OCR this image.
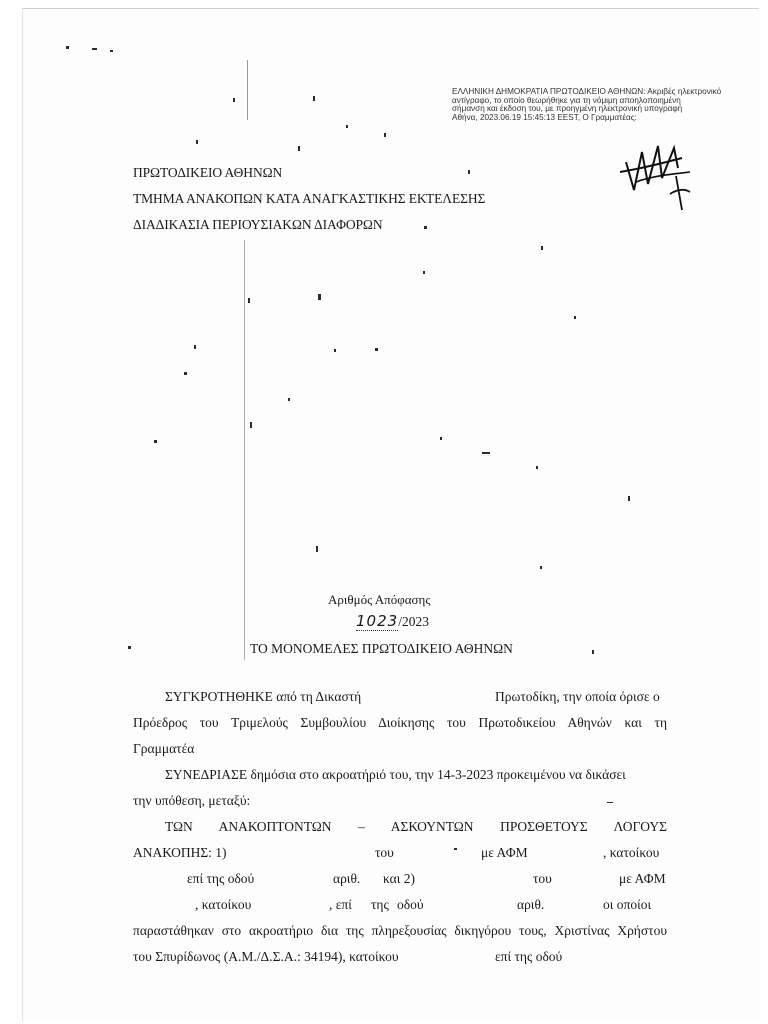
ΕΛΛΗΝΙΚΗ ΔΗΜΟΚΡΑΤΙΑ ΠΡΩΤΟΔΙΚΕΙΟ ΑΘΗΝΩΝ: Ακριβές ηλεκτρονικό
αντίγραφο, το οποίο θεωρήθηκε για τη νόμιμη αποηλοποιημένη
σήμανση και έκδοση του, με προηγμένη ηλεκτρονική υπογραφή
Αθήνα, 2023.06.19 15:45:13 EEST, Ο Γραμματέας:
ΠΡΩΤΟΔΙΚΕΙΟ ΑΘΗΝΩΝ
ΤΜΗΜΑ ΑΝΑΚΟΠΩΝ ΚΑΤΑ ΑΝΑΓΚΑΣΤΙΚΗΣ ΕΚΤΕΛΕΣΗΣ
ΔΙΑΔΙΚΑΣΙΑ ΠΕΡΙΟΥΣΙΑΚΩΝ ΔΙΑΦΟΡΩΝ
Αριθμός Απόφασης
1023/2023
ΤΟ ΜΟΝΟΜΕΛΕΣ ΠΡΩΤΟΔΙΚΕΙΟ ΑΘΗΝΩΝ
ΣΥΓΚΡΟΤΗΘΗΚΕ από τη Δικαστή	Πρωτοδίκη, την οποία όρισε ο
Πρόεδρος του Τριμελούς Συμβουλίου Διοίκησης του Πρωτοδικείου Αθηνών και τη
Γραμματέα
ΣΥΝΕΔΡΙΑΣΕ δημόσια στο ακροατήριό του, την 14-3-2023 προκειμένου να δικάσει
την υπόθεση, μεταξύ:
ΤΩΝ ΑΝΑΚΟΠΤΟΝΤΩΝ – ΑΣΚΟΥΝΤΩΝ ΠΡΟΣΘΕΤΟΥΣ ΛΟΓΟΥΣ
ΑΝΑΚΟΠΗΣ: 1)	του	με ΑΦΜ	, κατοίκου
επί της οδού	αριθ. και 2)	του	με ΑΦΜ
, κατοίκου	, επί της οδού	αριθ.	οι οποίοι
παραστάθηκαν στο ακροατήριο δια της πληρεξουσίας δικηγόρου τους, Χριστίνας Χρήστου
του Σπυρίδωνος (Α.Μ./Δ.Σ.Α.: 34194), κατοίκου	επί της οδού
